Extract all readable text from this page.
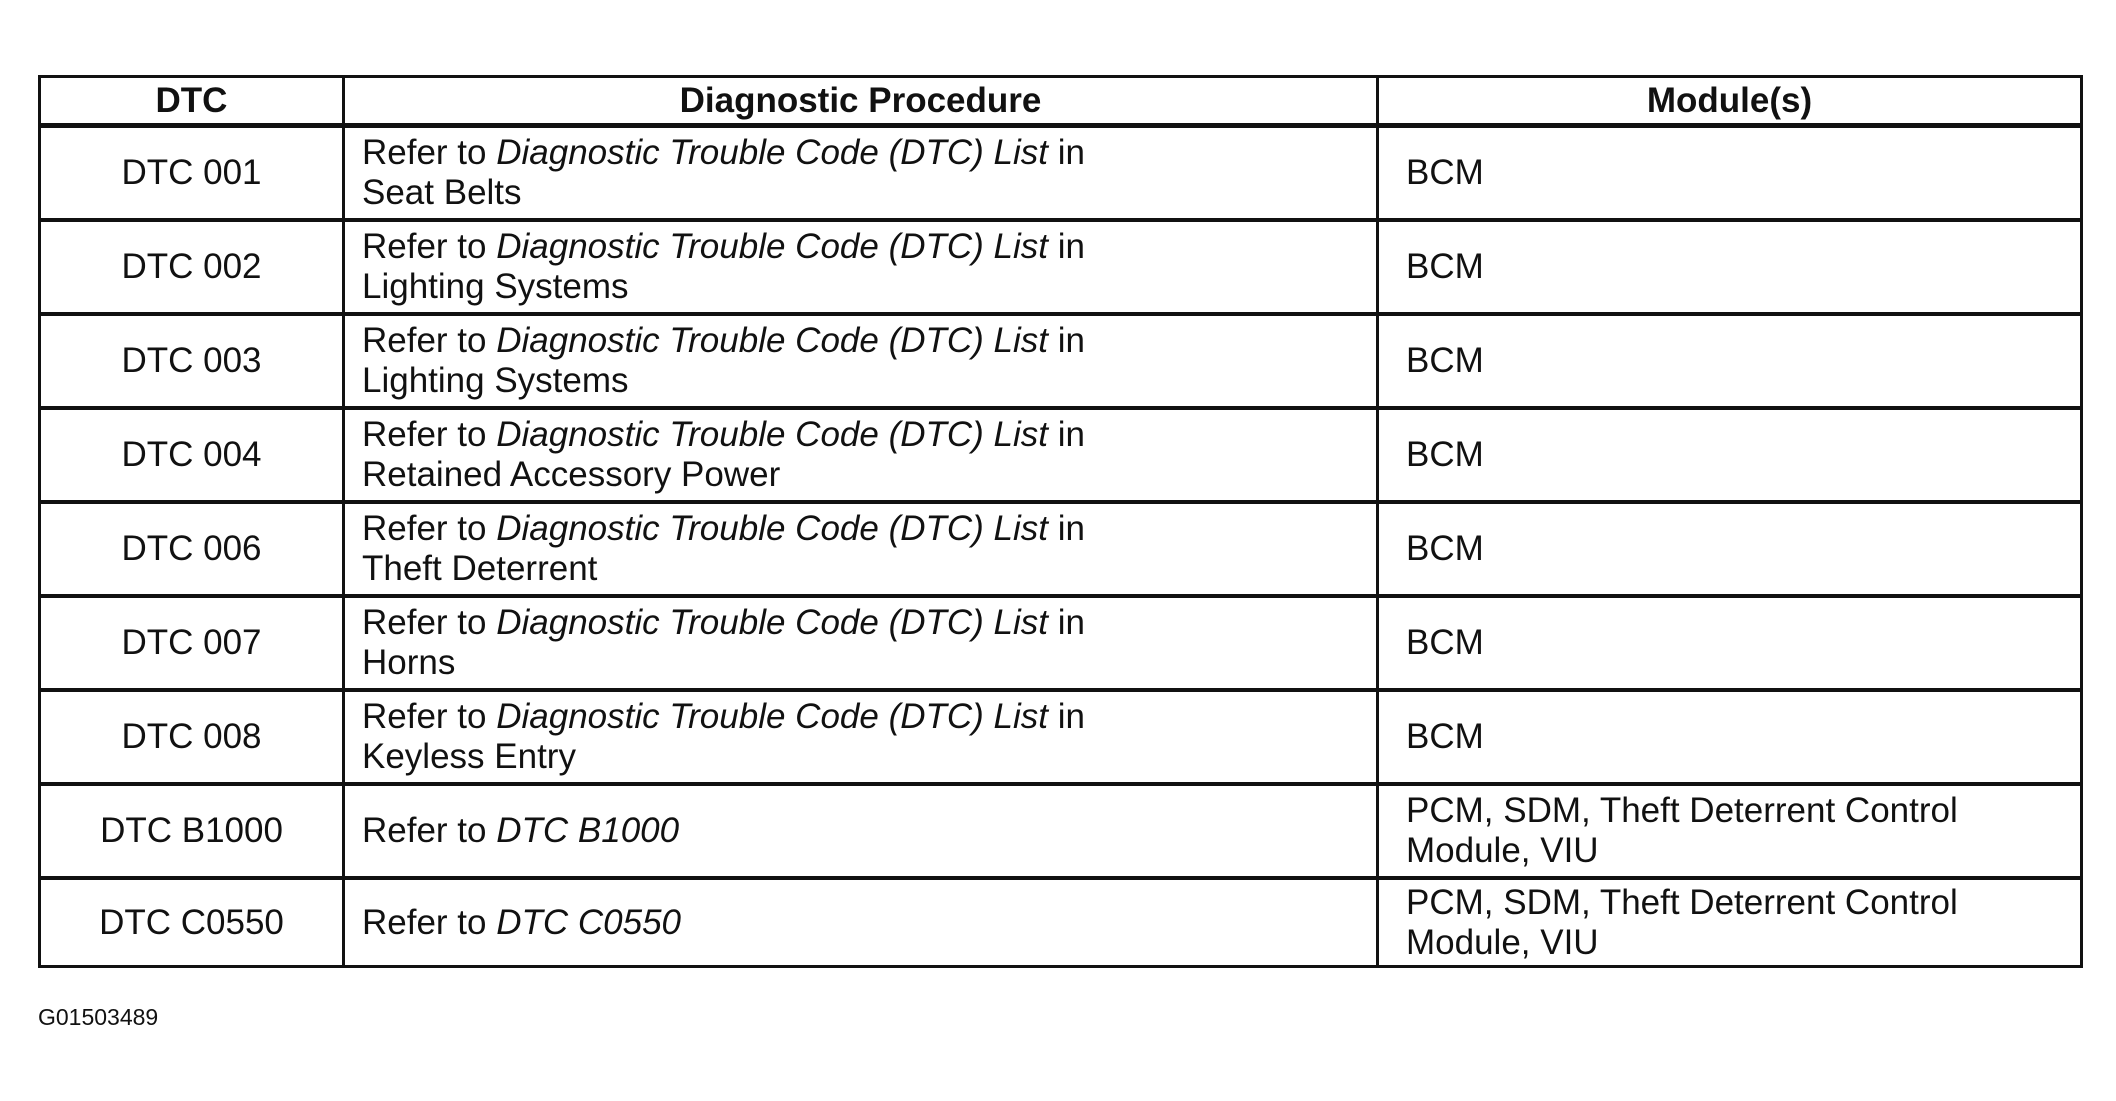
DTC	Diagnostic Procedure	Module(s)
DTC 001	Refer to Diagnostic Trouble Code (DTC) List in Seat Belts	BCM
DTC 002	Refer to Diagnostic Trouble Code (DTC) List in Lighting Systems	BCM
DTC 003	Refer to Diagnostic Trouble Code (DTC) List in Lighting Systems	BCM
DTC 004	Refer to Diagnostic Trouble Code (DTC) List in Retained Accessory Power	BCM
DTC 006	Refer to Diagnostic Trouble Code (DTC) List in Theft Deterrent	BCM
DTC 007	Refer to Diagnostic Trouble Code (DTC) List in Horns	BCM
DTC 008	Refer to Diagnostic Trouble Code (DTC) List in Keyless Entry	BCM
DTC B1000	Refer to DTC B1000	PCM, SDM, Theft Deterrent Control Module, VIU

DTC C0550	Refer to DTC C0550	PCM, SDM, Theft Deterrent Control Module, VIU
G01503489
